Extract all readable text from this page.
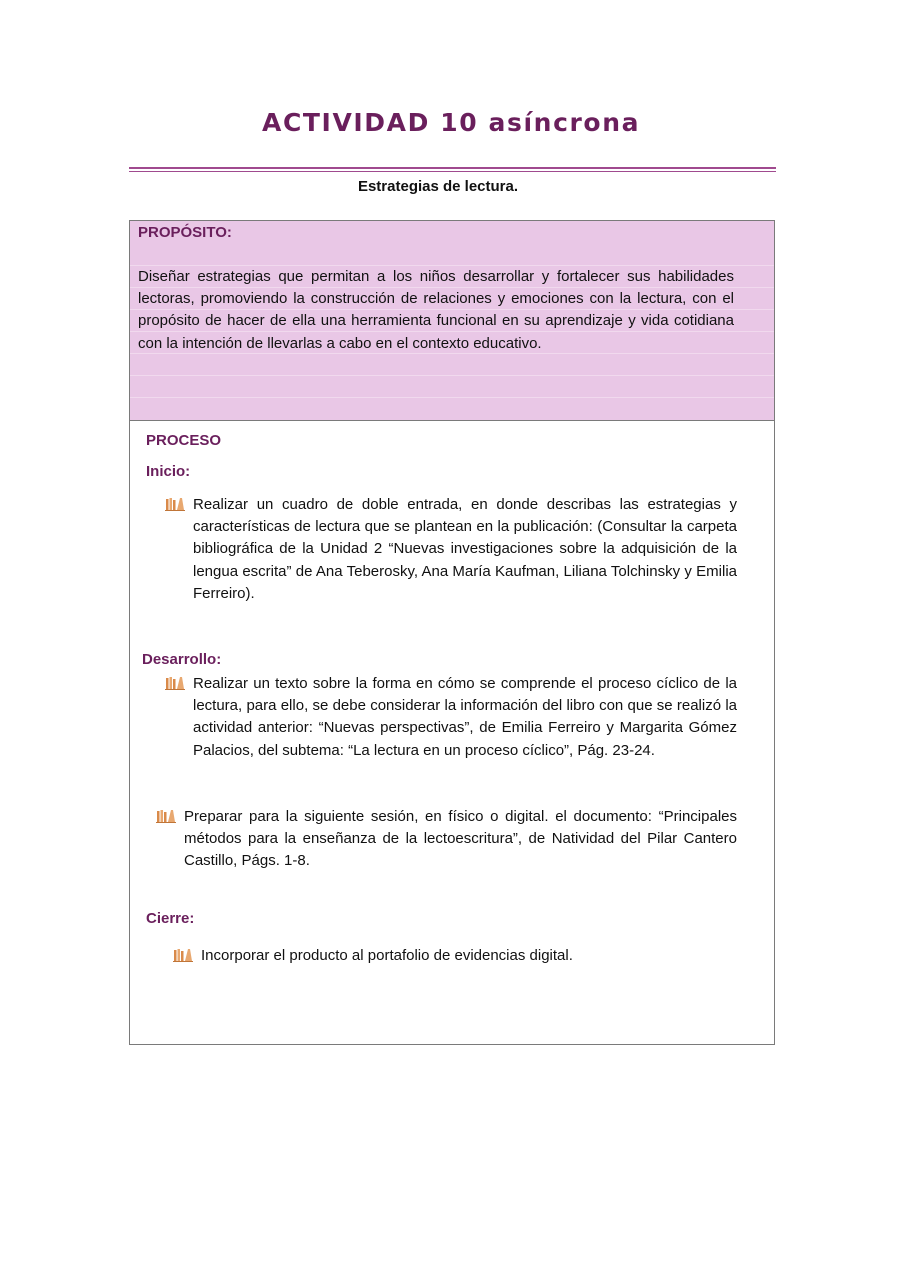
ACTIVIDAD 10 asíncrona
Estrategias de lectura.
PROPÓSITO:

Diseñar estrategias que permitan a los niños desarrollar y fortalecer sus habilidades lectoras, promoviendo la construcción de relaciones y emociones con la lectura, con el propósito de hacer de ella una herramienta funcional en su aprendizaje y vida cotidiana con la intención de llevarlas a cabo en el contexto educativo.

PROCESO
Inicio:

Realizar un cuadro de doble entrada, en donde describas las estrategias y características de lectura que se plantean en la publicación: (Consultar la carpeta bibliográfica de la Unidad 2 “Nuevas investigaciones sobre la adquisición de la lengua escrita” de Ana Teberosky, Ana María Kaufman, Liliana Tolchinsky y Emilia Ferreiro).

Desarrollo:

Realizar un texto sobre la forma en cómo se comprende el proceso cíclico de la lectura, para ello, se debe considerar la información del libro con que se realizó la actividad anterior: “Nuevas perspectivas”, de Emilia Ferreiro y Margarita Gómez Palacios, del subtema: “La lectura en un proceso cíclico”, Pág. 23-24.

Preparar para la siguiente sesión, en físico o digital. el documento: “Principales métodos para la enseñanza de la lectoescritura”, de Natividad del Pilar Cantero Castillo, Págs. 1-8.

Cierre:

Incorporar el producto al portafolio de evidencias digital.
